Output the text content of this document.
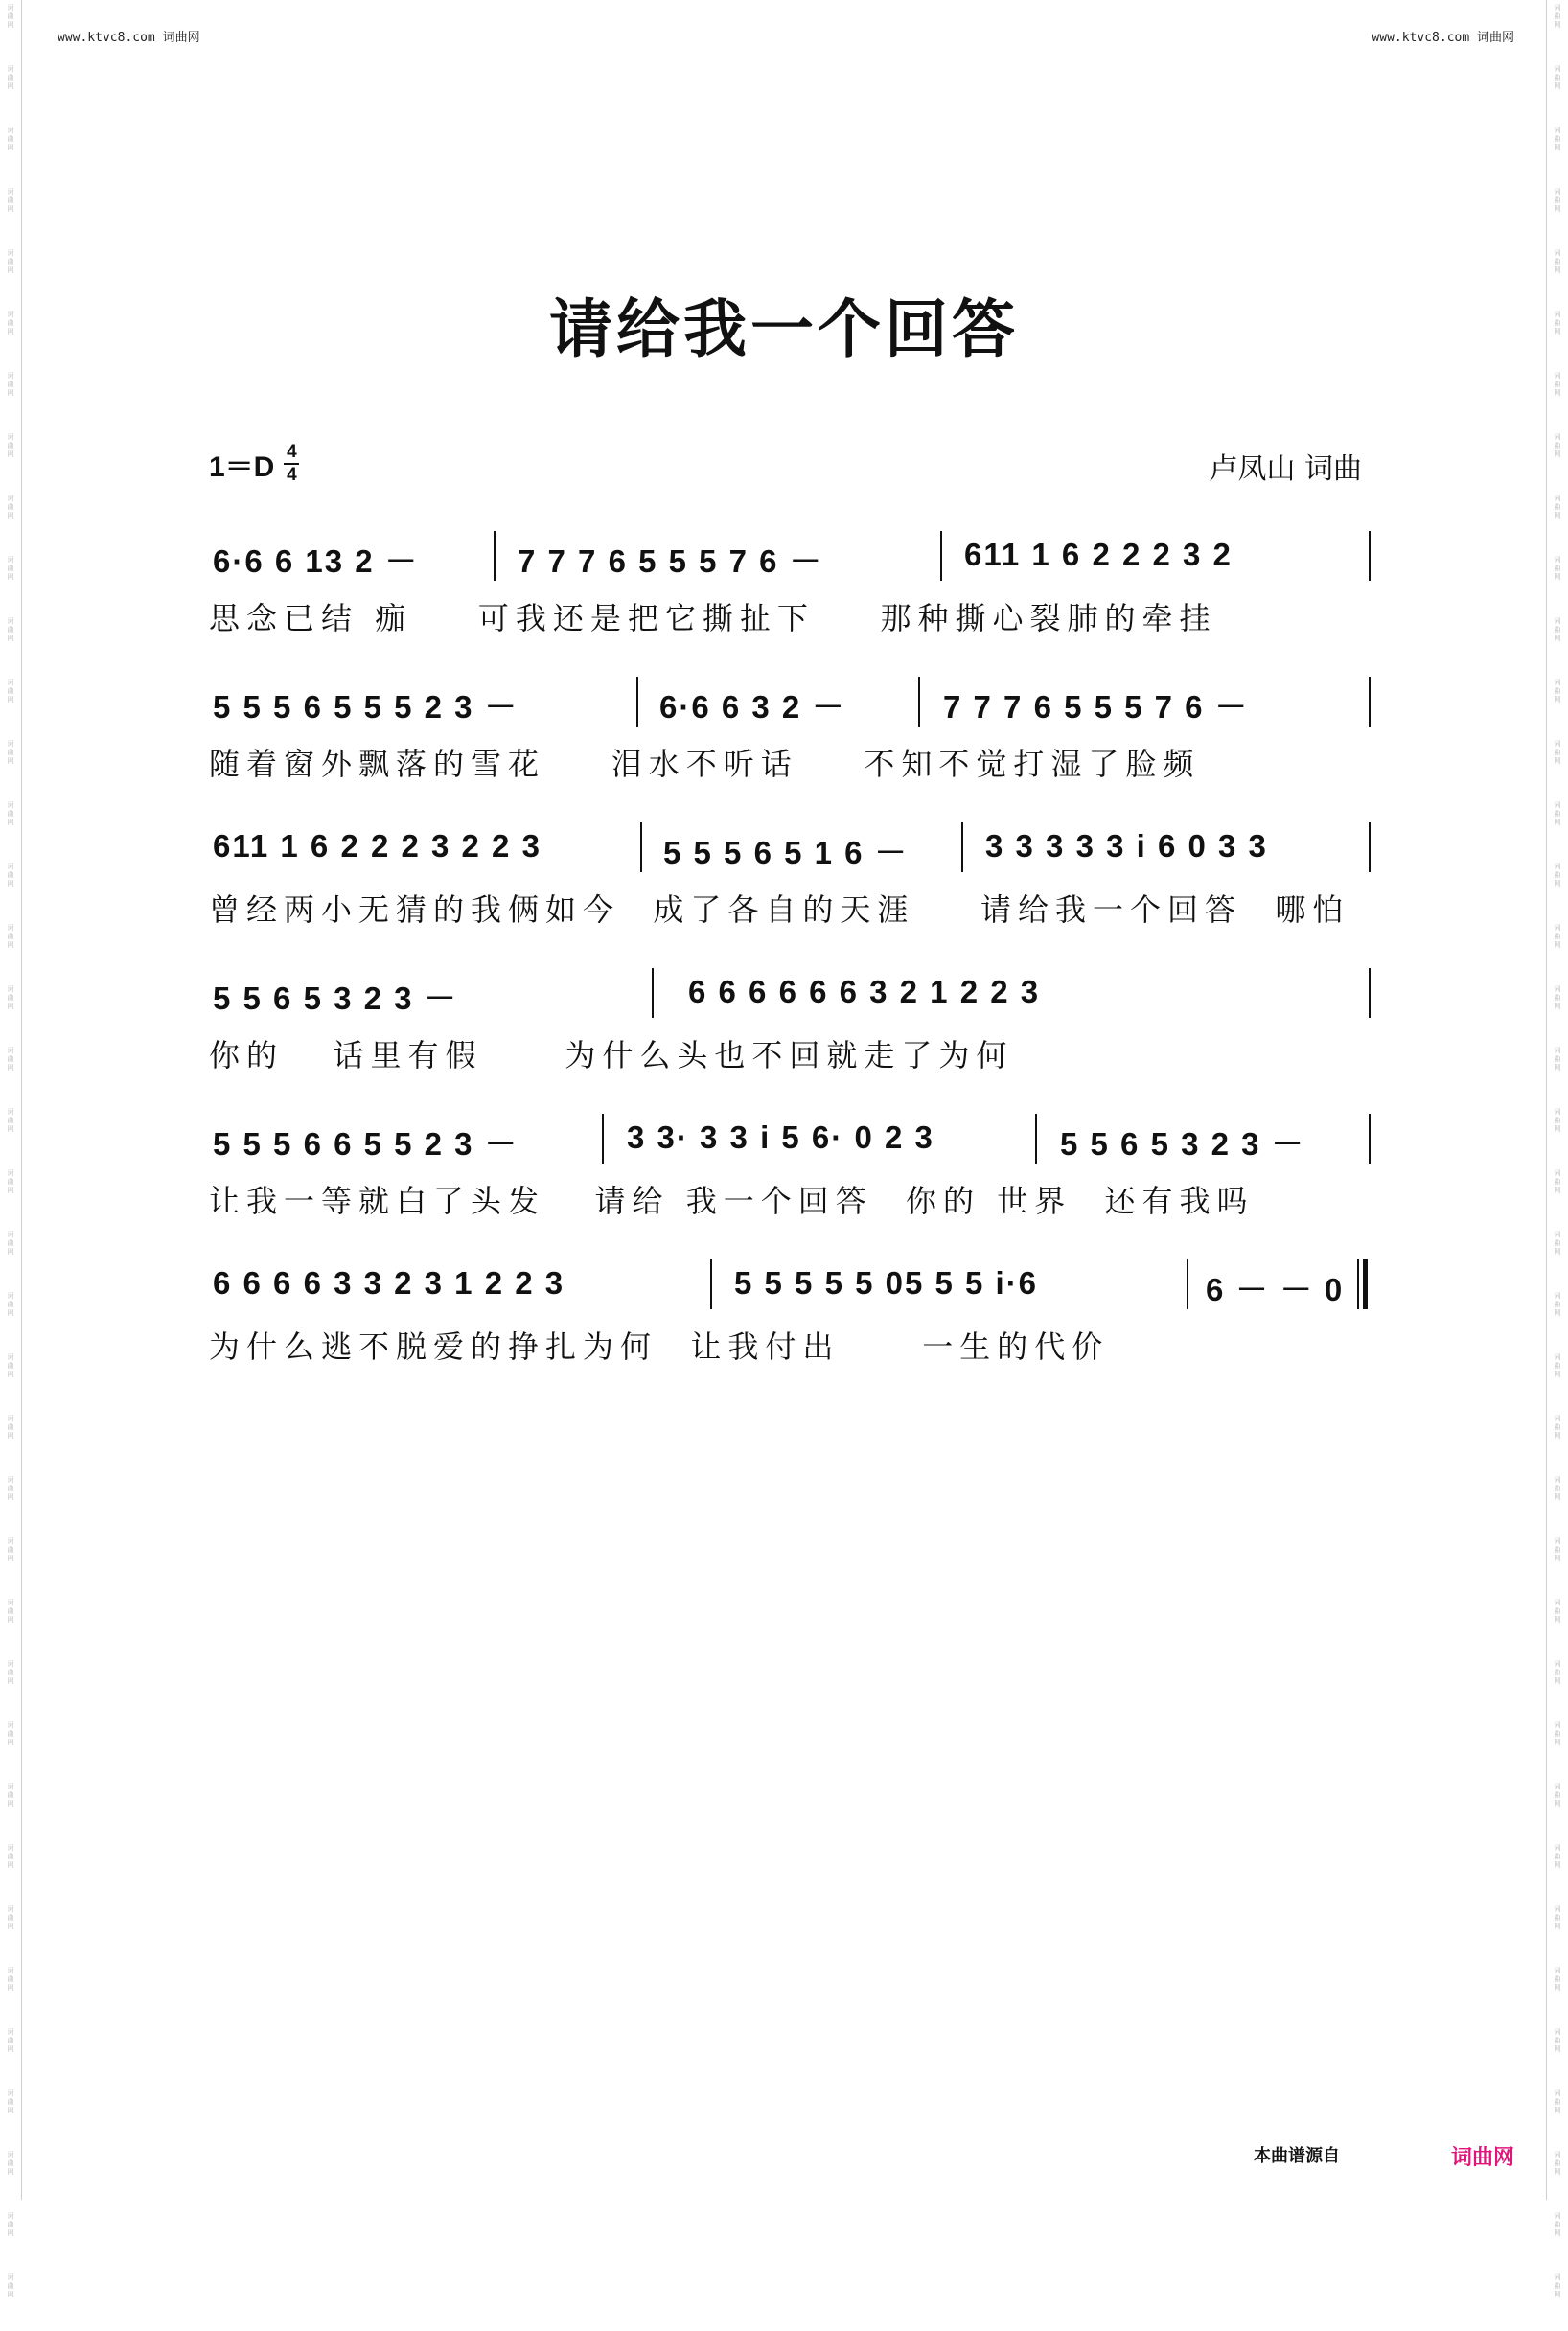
词
曲
网
词
曲
网
词
曲
网
词
曲
网
词
曲
网
词
曲
网
词
曲
网
词
曲
网
词
曲
网
词
曲
网
词
曲
网
词
曲
网
词
曲
网
词
曲
网
词
曲
网
词
曲
网
词
曲
网
词
曲
网
词
曲
网
词
曲
网
词
曲
网
词
曲
网
词
曲
网
词
曲
网
词
曲
网
词
曲
网
词
曲
网
词
曲
网
词
曲
网
词
曲
网
词
曲
网
词
曲
网
词
曲
网
词
曲
网
词
曲
网
词
曲
网
词
曲
网
词
曲
网
词
曲
网
词
曲
网
词
曲
网
词
曲
网
词
曲
网
词
曲
网
词
曲
网
词
曲
网
词
曲
网
词
曲
网
词
曲
网
词
曲
网
词
曲
网
词
曲
网
词
曲
网
词
曲
网
词
曲
网
词
曲
网
词
曲
网
词
曲
网
词
曲
网
词
曲
网
词
曲
网
词
曲
网
词
曲
网
词
曲
网
词
曲
网
词
曲
网
词
曲
网
词
曲
网
词
曲
网
词
曲
网
词
曲
网
词
曲
网
词
曲
网
词
曲
网
词
曲
网
词
曲
网
www.ktvc8.com 词曲网	www.ktvc8.com 词曲网
请给我一个回答
1＝D 4
4	卢凤山 词曲
6·6 6 13 2 －	7 7 7 6 5 5 5 7 6 －	611 1 6 2 2 2 3 2
思念已结 痂    可我还是把它撕扯下    那种撕心裂肺的牵挂
5 5 5 6 5 5 5 2 3 －	6·6 6 3 2 －	7 7 7 6 5 5 5 7 6 －
随着窗外飘落的雪花    泪水不听话    不知不觉打湿了脸频
611 1 6 2 2 2 3 2 2 3	5 5 5 6 5 1 6 － 3 3 3 3 3 i 6 0 3 3
曾经两小无猜的我俩如今  成了各自的天涯    请给我一个回答  哪怕
5 5 6 5 3 2 3 －	6 6 6 6 6 6 3 2 1 2 2 3
你的   话里有假     为什么头也不回就走了为何
5 5 5 6 6 5 5 2 3 －	3 3· 3 3 i 5 6· 0 2 3	5 5 6 5 3 2 3 －
让我一等就白了头发   请给 我一个回答  你的 世界  还有我吗
6 6 6 6 3 3 2 3 1 2 2 3	5 5 5 5 5 05 5 5 i·6	6 － － 0
为什么逃不脱爱的挣扎为何  让我付出     一生的代价
本曲谱源自	词曲网
